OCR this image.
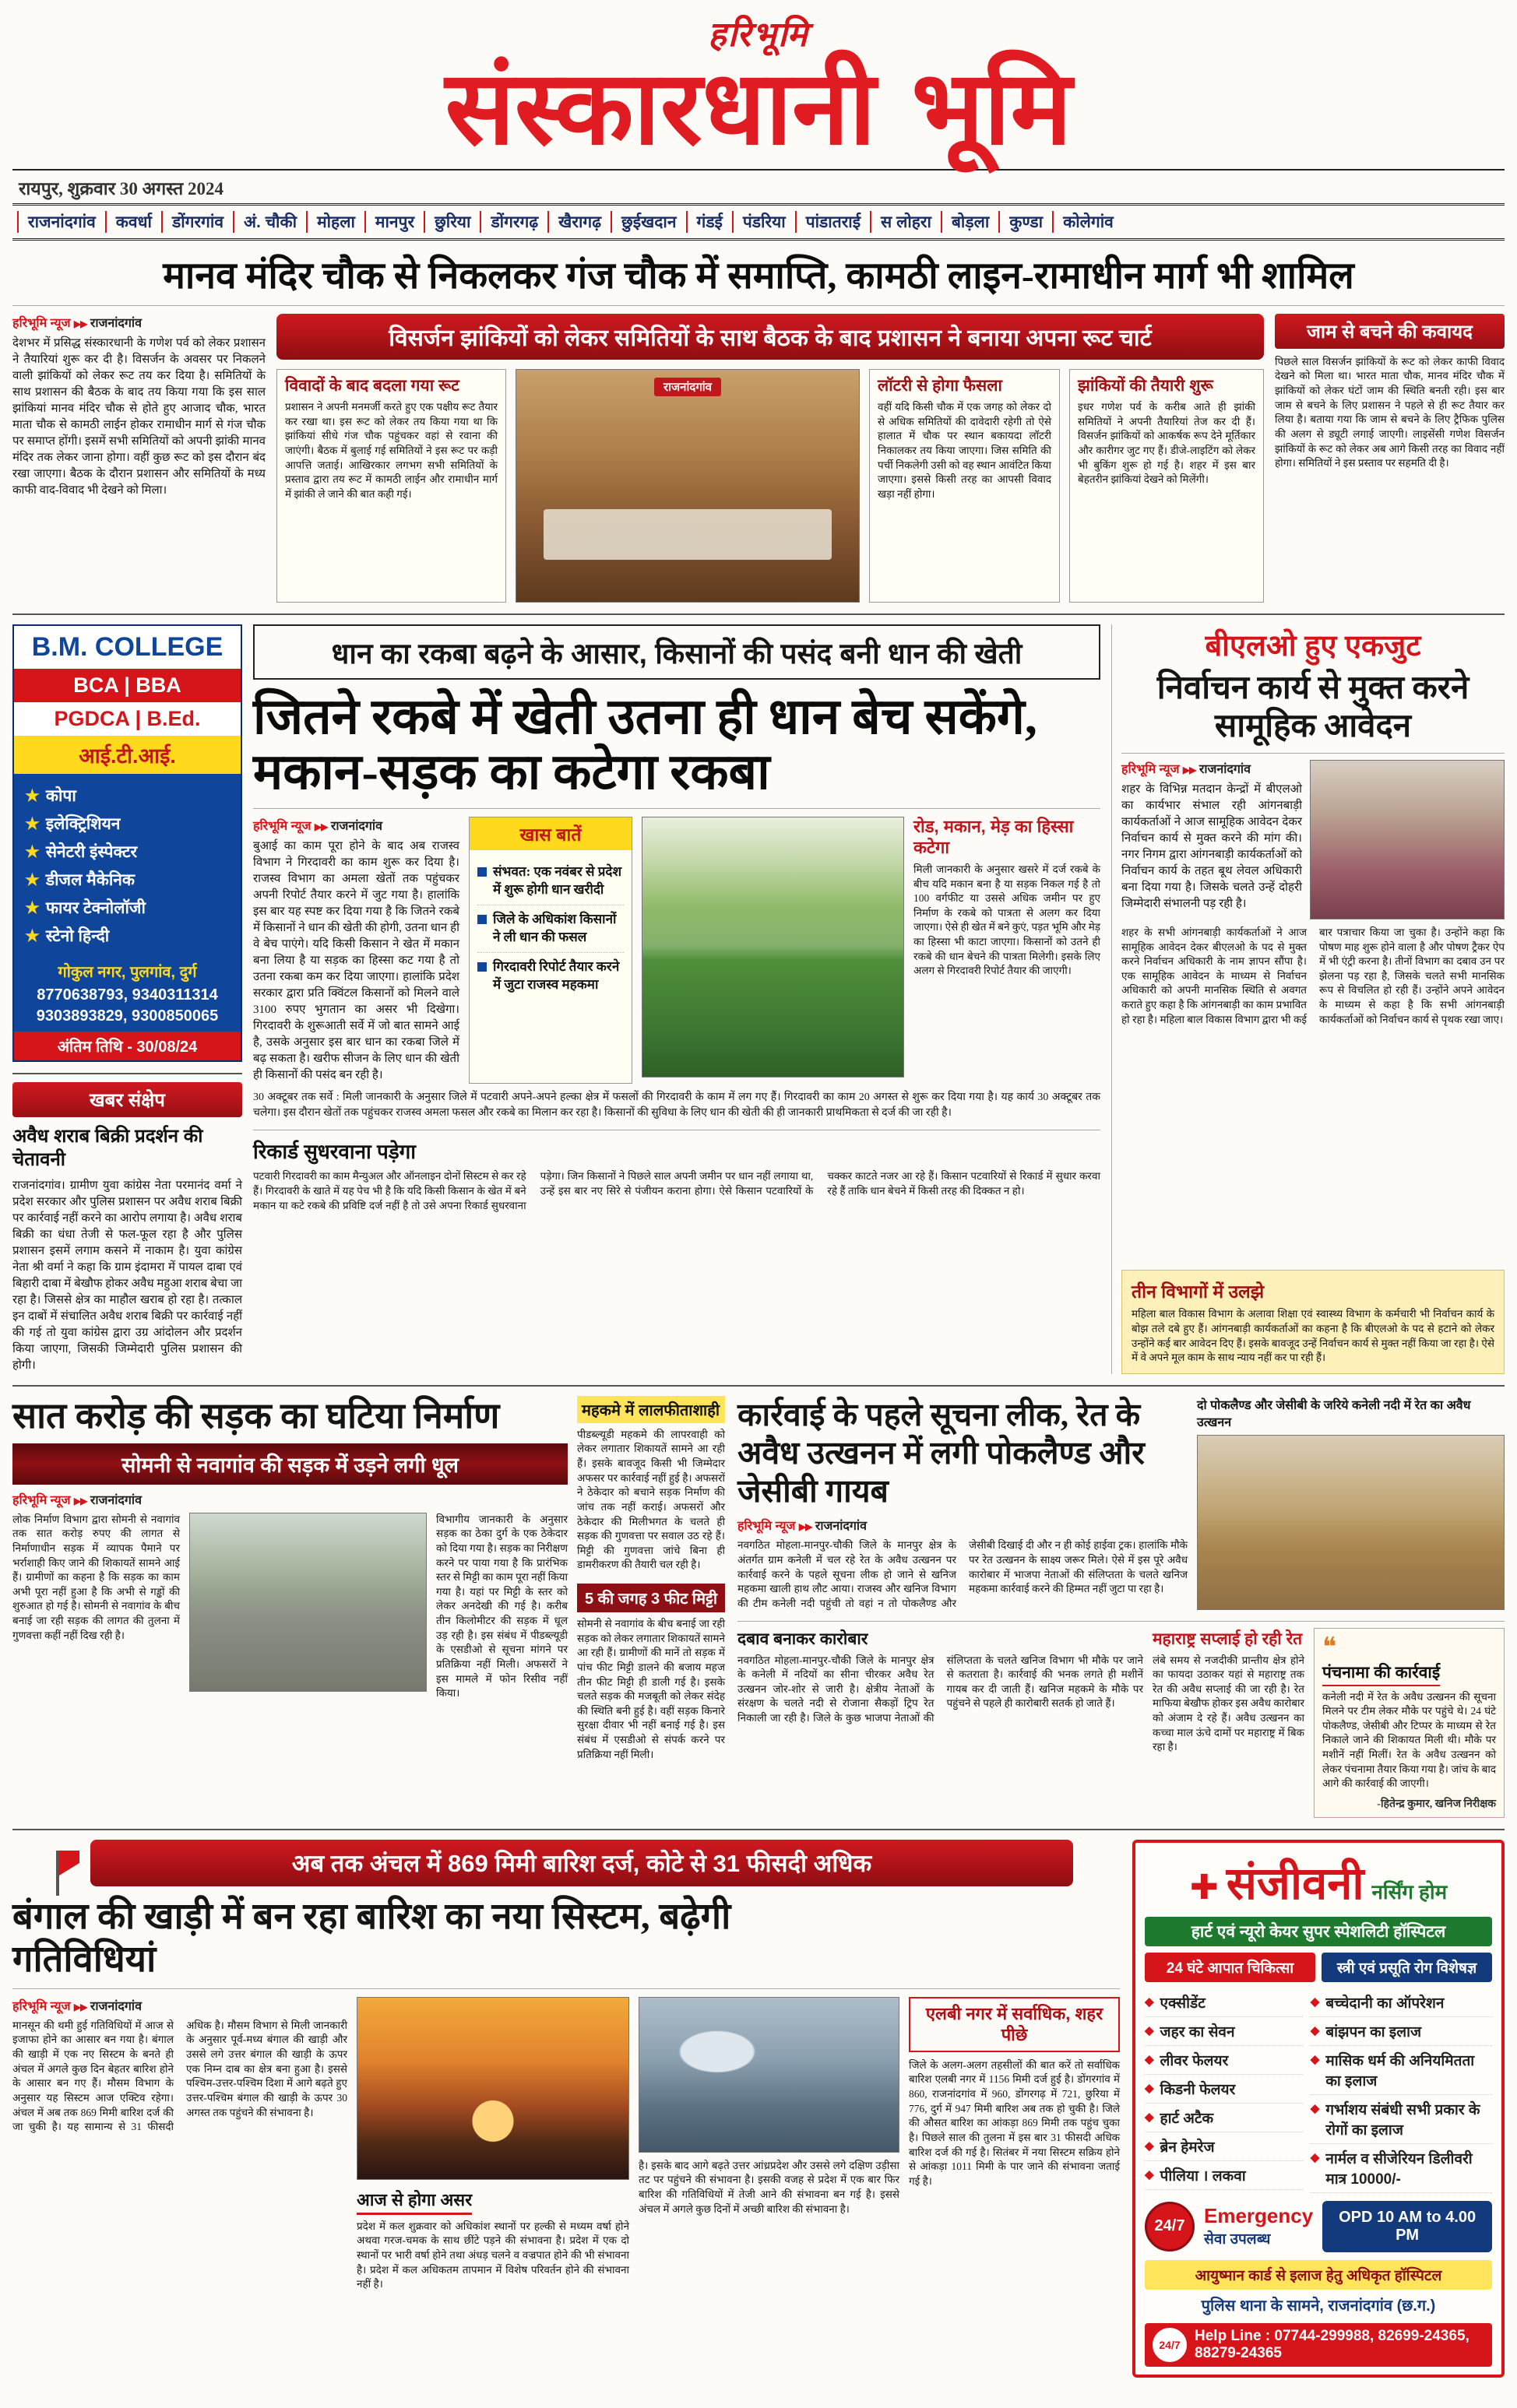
हरिभूमि
संस्कारधानी भूमि
रायपुर, शुक्रवार 30 अगस्त 2024
राजनांदगांव	कवर्धा	डोंगरगांव	अं. चौकी	मोहला	मानपुर	छुरिया	डोंगरगढ़	खैरागढ़	छुईखदान	गंडई	पंडरिया	पांडातराई	स लोहरा	बोड़ला	कुण्डा	कोलेगांव
मानव मंदिर चौक से निकलकर गंज चौक में समाप्ति, कामठी लाइन-रामाधीन मार्ग भी शामिल
हरिभूमि न्यूज ▶▶ राजनांदगांव

देशभर में प्रसिद्ध संस्कारधानी के गणेश पर्व को लेकर प्रशासन ने तैयारियां शुरू कर दी है। विसर्जन के अवसर पर निकलने वाली झांकियों को लेकर रूट तय कर दिया है। समितियों के साथ प्रशासन की बैठक के बाद तय किया गया कि इस साल झांकियां मानव मंदिर चौक से होते हुए आजाद चौक, भारत माता चौक से कामठी लाईन होकर रामाधीन मार्ग से गंज चौक पर समाप्त होंगी। इसमें सभी समितियों को अपनी झांकी मानव मंदिर तक लेकर जाना होगा। वहीं कुछ रूट को इस दौरान बंद रखा जाएगा। बैठक के दौरान प्रशासन और समितियों के मध्य काफी वाद-विवाद भी देखने को मिला।

विसर्जन झांकियों को लेकर समितियों के साथ बैठक के बाद प्रशासन ने बनाया अपना रूट चार्ट
विवादों के बाद बदला गया रूट

प्रशासन ने अपनी मनमर्जी करते हुए एक पक्षीय रूट तैयार कर रखा था। इस रूट को लेकर तय किया गया था कि झांकियां सीधे गंज चौक पहुंचकर वहां से रवाना की जाएंगी। बैठक में बुलाई गई समितियों ने इस रूट पर कड़ी आपत्ति जताई। आखिरकार लगभग सभी समितियों के प्रस्ताव द्वारा तय रूट में कामठी लाईन और रामाधीन मार्ग में झांकी ले जाने की बात कही गई।

राजनांदगांव	लॉटरी से होगा फैसला

वहीं यदि किसी चौक में एक जगह को लेकर दो से अधिक समितियों की दावेदारी रहेगी तो ऐसे हालात में चौक पर स्थान बकायदा लॉटरी निकालकर तय किया जाएगा। जिस समिति की पर्ची निकलेगी उसी को वह स्थान आवंटित किया जाएगा। इससे किसी तरह का आपसी विवाद खड़ा नहीं होगा।

झांकियों की तैयारी शुरू

इधर गणेश पर्व के करीब आते ही झांकी समितियों ने अपनी तैयारियां तेज कर दी हैं। विसर्जन झांकियों को आकर्षक रूप देने मूर्तिकार और कारीगर जुट गए हैं। डीजे-लाइटिंग को लेकर भी बुकिंग शुरू हो गई है। शहर में इस बार बेहतरीन झांकियां देखने को मिलेंगी।

जाम से बचने की कवायद

पिछले साल विसर्जन झांकियों के रूट को लेकर काफी विवाद देखने को मिला था। भारत माता चौक, मानव मंदिर चौक में झांकियों को लेकर घंटों जाम की स्थिति बनती रही। इस बार जाम से बचने के लिए प्रशासन ने पहले से ही रूट तैयार कर लिया है। बताया गया कि जाम से बचने के लिए ट्रैफिक पुलिस की अलग से ड्यूटी लगाई जाएगी। लाइसेंसी गणेश विसर्जन झांकियों के रूट को लेकर अब आगे किसी तरह का विवाद नहीं होगा। समितियों ने इस प्रस्ताव पर सहमति दी है।

B.M. COLLEGE
BCA | BBA
PGDCA | B.Ed.
आई.टी.आई.
★ कोपा
★ इलेक्ट्रिशियन
★ सेनेटरी इंस्पेक्टर
★ डीजल मैकेनिक
★ फायर टेक्नोलॉजी
★ स्टेनो हिन्दी
गोकुल नगर, पुलगांव, दुर्ग
8770638793, 9340311314
9303893829, 9300850065
अंतिम तिथि - 30/08/24
खबर संक्षेप
अवैध शराब बिक्री प्रदर्शन की चेतावनी

राजनांदगांव। ग्रामीण युवा कांग्रेस नेता परमानंद वर्मा ने प्रदेश सरकार और पुलिस प्रशासन पर अवैध शराब बिक्री पर कार्रवाई नहीं करने का आरोप लगाया है। अवैध शराब बिक्री का धंधा तेजी से फल-फूल रहा है और पुलिस प्रशासन इसमें लगाम कसने में नाकाम है। युवा कांग्रेस नेता श्री वर्मा ने कहा कि ग्राम इंदामरा में पायल दाबा एवं बिहारी दाबा में बेखौफ होकर अवैध महुआ शराब बेचा जा रहा है। जिससे क्षेत्र का माहौल खराब हो रहा है। तत्काल इन दाबों में संचालित अवैध शराब बिक्री पर कार्रवाई नहीं की गई तो युवा कांग्रेस द्वारा उग्र आंदोलन और प्रदर्शन किया जाएगा, जिसकी जिम्मेदारी पुलिस प्रशासन की होगी।

धान का रकबा बढ़ने के आसार, किसानों की पसंद बनी धान की खेती
जितने रकबे में खेती उतना ही धान बेच सकेंगे, मकान-सड़क का कटेगा रकबा
हरिभूमि न्यूज ▶▶ राजनांदगांव

बुआई का काम पूरा होने के बाद अब राजस्व विभाग ने गिरदावरी का काम शुरू कर दिया है। राजस्व विभाग का अमला खेतों तक पहुंचकर अपनी रिपोर्ट तैयार करने में जुट गया है। हालांकि इस बार यह स्पष्ट कर दिया गया है कि जितने रकबे में किसानों ने धान की खेती की होगी, उतना धान ही वे बेच पाएंगे। यदि किसी किसान ने खेत में मकान बना लिया है या सड़क का हिस्सा कट गया है तो उतना रकबा कम कर दिया जाएगा। हालांकि प्रदेश सरकार द्वारा प्रति क्विंटल किसानों को मिलने वाले 3100 रुपए भुगतान का असर भी दिखेगा। गिरदावरी के शुरूआती सर्वे में जो बात सामने आई है, उसके अनुसार इस बार धान का रकबा जिले में बढ़ सकता है। खरीफ सीजन के लिए धान की खेती ही किसानों की पसंद बन रही है।

खास बातें
संभवत: एक नवंबर से प्रदेश में शुरू होगी धान खरीदी
जिले के अधिकांश किसानों ने ली धान की फसल
गिरदावरी रिपोर्ट तैयार करने में जुटा राजस्व महकमा
रोड, मकान, मेड़ का हिस्सा कटेगा

मिली जानकारी के अनुसार खसरे में दर्ज रकबे के बीच यदि मकान बना है या सड़क निकल गई है तो 100 वर्गफीट या उससे अधिक जमीन पर हुए निर्माण के रकबे को पात्रता से अलग कर दिया जाएगा। ऐसे ही खेत में बने कुएं, पड़त भूमि और मेड़ का हिस्सा भी काटा जाएगा। किसानों को उतने ही रकबे की धान बेचने की पात्रता मिलेगी। इसके लिए अलग से गिरदावरी रिपोर्ट तैयार की जाएगी।

30 अक्टूबर तक सर्वे : मिली जानकारी के अनुसार जिले में पटवारी अपने-अपने हल्का क्षेत्र में फसलों की गिरदावरी के काम में लग गए हैं। गिरदावरी का काम 20 अगस्त से शुरू कर दिया गया है। यह कार्य 30 अक्टूबर तक चलेगा। इस दौरान खेतों तक पहुंचकर राजस्व अमला फसल और रकबे का मिलान कर रहा है। किसानों की सुविधा के लिए धान की खेती की ही जानकारी प्राथमिकता से दर्ज की जा रही है।

रिकार्ड सुधरवाना पड़ेगा

पटवारी गिरदावरी का काम मैन्युअल और ऑनलाइन दोनों सिस्टम से कर रहे हैं। गिरदावरी के खाते में यह पेच भी है कि यदि किसी किसान के खेत में बने मकान या कटे रकबे की प्रविष्टि दर्ज नहीं है तो उसे अपना रिकार्ड सुधरवाना पड़ेगा। जिन किसानों ने पिछले साल अपनी जमीन पर धान नहीं लगाया था, उन्हें इस बार नए सिरे से पंजीयन कराना होगा। ऐसे किसान पटवारियों के चक्कर काटते नजर आ रहे हैं। किसान पटवारियों से रिकार्ड में सुधार करवा रहे हैं ताकि धान बेचने में किसी तरह की दिक्कत न हो।

बीएलओ हुए एकजुट
निर्वाचन कार्य से मुक्त करने सामूहिक आवेदन
हरिभूमि न्यूज ▶▶ राजनांदगांव

शहर के विभिन्न मतदान केन्द्रों में बीएलओ का कार्यभार संभाल रही आंगनबाड़ी कार्यकर्ताओं ने आज सामूहिक आवेदन देकर निर्वाचन कार्य से मुक्त करने की मांग की। नगर निगम द्वारा आंगनबाड़ी कार्यकर्ताओं को निर्वाचन कार्य के तहत बूथ लेवल अधिकारी बना दिया गया है। जिसके चलते उन्हें दोहरी जिम्मेदारी संभालनी पड़ रही है।

शहर के सभी आंगनबाड़ी कार्यकर्ताओं ने आज सामूहिक आवेदन देकर बीएलओ के पद से मुक्त करने निर्वाचन अधिकारी के नाम ज्ञापन सौंपा है। एक सामूहिक आवेदन के माध्यम से निर्वाचन अधिकारी को अपनी मानसिक स्थिति से अवगत कराते हुए कहा है कि आंगनबाड़ी का काम प्रभावित हो रहा है। महिला बाल विकास विभाग द्वारा भी कई बार पत्राचार किया जा चुका है। उन्होंने कहा कि पोषण माह शुरू होने वाला है और पोषण ट्रैकर ऐप में भी एंट्री करना है। तीनों विभाग का दबाव उन पर झेलना पड़ रहा है, जिसके चलते सभी मानसिक रूप से विचलित हो रही हैं। उन्होंने अपने आवेदन के माध्यम से कहा है कि सभी आंगनबाड़ी कार्यकर्ताओं को निर्वाचन कार्य से पृथक रखा जाए।

तीन विभागों में उलझे

महिला बाल विकास विभाग के अलावा शिक्षा एवं स्वास्थ्य विभाग के कर्मचारी भी निर्वाचन कार्य के बोझ तले दबे हुए हैं। आंगनबाड़ी कार्यकर्ताओं का कहना है कि बीएलओ के पद से हटाने को लेकर उन्होंने कई बार आवेदन दिए हैं। इसके बावजूद उन्हें निर्वाचन कार्य से मुक्त नहीं किया जा रहा है। ऐसे में वे अपने मूल काम के साथ न्याय नहीं कर पा रही हैं।

सात करोड़ की सड़क का घटिया निर्माण
सोमनी से नवागांव की सड़क में उड़ने लगी धूल
हरिभूमि न्यूज ▶▶ राजनांदगांव

लोक निर्माण विभाग द्वारा सोमनी से नवागांव तक सात करोड़ रुपए की लागत से निर्माणाधीन सड़क में व्यापक पैमाने पर भर्राशाही किए जाने की शिकायतें सामने आई हैं। ग्रामीणों का कहना है कि सड़क का काम अभी पूरा नहीं हुआ है कि अभी से गड्ढों की शुरुआत हो गई है। सोमनी से नवागांव के बीच बनाई जा रही सड़क की लागत की तुलना में गुणवत्ता कहीं नहीं दिख रही है।

विभागीय जानकारी के अनुसार सड़क का ठेका दुर्ग के एक ठेकेदार को दिया गया है। सड़क का निरीक्षण करने पर पाया गया है कि प्रारंभिक स्तर से मिट्टी का काम पूरा नहीं किया गया है। यहां पर मिट्टी के स्तर को लेकर अनदेखी की गई है। करीब तीन किलोमीटर की सड़क में धूल उड़ रही है। इस संबंध में पीडब्ल्यूडी के एसडीओ से सूचना मांगने पर प्रतिक्रिया नहीं मिली। अफसरों ने इस मामले में फोन रिसीव नहीं किया।

महकमे में लालफीताशाही

पीडब्ल्यूडी महकमे की लापरवाही को लेकर लगातार शिकायतें सामने आ रही हैं। इसके बावजूद किसी भी जिम्मेदार अफसर पर कार्रवाई नहीं हुई है। अफसरों ने ठेकेदार को बचाने सड़क निर्माण की जांच तक नहीं कराई। अफसरों और ठेकेदार की मिलीभगत के चलते ही सड़क की गुणवत्ता पर सवाल उठ रहे हैं। मिट्टी की गुणवत्ता जांचे बिना ही डामरीकरण की तैयारी चल रही है।

5 की जगह 3 फीट मिट्टी

सोमनी से नवागांव के बीच बनाई जा रही सड़क को लेकर लगातार शिकायतें सामने आ रही हैं। ग्रामीणों की मानें तो सड़क में पांच फीट मिट्टी डालने की बजाय महज तीन फीट मिट्टी ही डाली गई है। इसके चलते सड़क की मजबूती को लेकर संदेह की स्थिति बनी हुई है। वहीं सड़क किनारे सुरक्षा दीवार भी नहीं बनाई गई है। इस संबंध में एसडीओ से संपर्क करने पर प्रतिक्रिया नहीं मिली।

कार्रवाई के पहले सूचना लीक, रेत के अवैध उत्खनन में लगी पोकलैण्ड और जेसीबी गायब
हरिभूमि न्यूज ▶▶ राजनांदगांव

नवगठित मोहला-मानपुर-चौकी जिले के मानपुर क्षेत्र के अंतर्गत ग्राम कनेली में चल रहे रेत के अवैध उत्खनन पर कार्रवाई करने के पहले सूचना लीक हो जाने से खनिज महकमा खाली हाथ लौट आया। राजस्व और खनिज विभाग की टीम कनेली नदी पहुंची तो वहां न तो पोकलैण्ड और जेसीबी दिखाई दी और न ही कोई हाईवा ट्रक। हालांकि मौके पर रेत उत्खनन के साक्ष्य जरूर मिले। ऐसे में इस पूरे अवैध कारोबार में भाजपा नेताओं की संलिप्तता के चलते खनिज महकमा कार्रवाई करने की हिम्मत नहीं जुटा पा रहा है।

दो पोकलैण्ड और जेसीबी के जरिये कनेली नदी में रेत का अवैध उत्खनन

दबाव बनाकर कारोबार

नवगठित मोहला-मानपुर-चौकी जिले के मानपुर क्षेत्र के कनेली में नदियों का सीना चीरकर अवैध रेत उत्खनन जोर-शोर से जारी है। क्षेत्रीय नेताओं के संरक्षण के चलते नदी से रोजाना सैकड़ों ट्रिप रेत निकाली जा रही है। जिले के कुछ भाजपा नेताओं की संलिप्तता के चलते खनिज विभाग भी मौके पर जाने से कतराता है। कार्रवाई की भनक लगते ही मशीनें गायब कर दी जाती हैं। खनिज महकमे के मौके पर पहुंचने से पहले ही कारोबारी सतर्क हो जाते हैं।

महाराष्ट्र सप्लाई हो रही रेत

लंबे समय से नजदीकी प्रान्तीय क्षेत्र होने का फायदा उठाकर यहां से महाराष्ट्र तक रेत की अवैध सप्लाई की जा रही है। रेत माफिया बेखौफ होकर इस अवैध कारोबार को अंजाम दे रहे हैं। अवैध उत्खनन का कच्चा माल ऊंचे दामों पर महाराष्ट्र में बिक रहा है।

❝
पंचनामा की कार्रवाई

कनेली नदी में रेत के अवैध उत्खनन की सूचना मिलने पर टीम लेकर मौके पर पहुंचे थे। 24 घंटे पोकलैण्ड, जेसीबी और टिप्पर के माध्यम से रेत निकाले जाने की शिकायत मिली थी। मौके पर मशीनें नहीं मिलीं। रेत के अवैध उत्खनन को लेकर पंचनामा तैयार किया गया है। जांच के बाद आगे की कार्रवाई की जाएगी।

-हितेन्द्र कुमार, खनिज निरीक्षक
अब तक अंचल में 869 मिमी बारिश दर्ज, कोटे से 31 फीसदी अधिक
बंगाल की खाड़ी में बन रहा बारिश का नया सिस्टम, बढ़ेगी गतिविधियां
हरिभूमि न्यूज ▶▶ राजनांदगांव

मानसून की थमी हुई गतिविधियों में आज से इजाफा होने का आसार बन गया है। बंगाल की खाड़ी में एक नए सिस्टम के बनते ही अंचल में अगले कुछ दिन बेहतर बारिश होने के आसार बन गए हैं। मौसम विभाग के अनुसार यह सिस्टम आज एक्टिव रहेगा। अंचल में अब तक 869 मिमी बारिश दर्ज की जा चुकी है। यह सामान्य से 31 फीसदी अधिक है। मौसम विभाग से मिली जानकारी के अनुसार पूर्व-मध्य बंगाल की खाड़ी और उससे लगे उत्तर बंगाल की खाड़ी के ऊपर एक निम्न दाब का क्षेत्र बना हुआ है। इससे पश्चिम-उत्तर-पश्चिम दिशा में आगे बढ़ते हुए उत्तर-पश्चिम बंगाल की खाड़ी के ऊपर 30 अगस्त तक पहुंचने की संभावना है।

आज से होगा असर

प्रदेश में कल शुक्रवार को अधिकांश स्थानों पर हल्की से मध्यम वर्षा होने अथवा गरज-चमक के साथ छींटे पड़ने की संभावना है। प्रदेश में एक दो स्थानों पर भारी वर्षा होने तथा अंधड़ चलने व वज्रपात होने की भी संभावना है। प्रदेश में कल अधिकतम तापमान में विशेष परिवर्तन होने की संभावना नहीं है।

है। इसके बाद आगे बढ़ते उत्तर आंध्रप्रदेश और उससे लगे दक्षिण उड़ीसा तट पर पहुंचने की संभावना है। इसकी वजह से प्रदेश में एक बार फिर बारिश की गतिविधियों में तेजी आने की संभावना बन गई है। इससे अंचल में अगले कुछ दिनों में अच्छी बारिश की संभावना है।

एलबी नगर में सर्वाधिक, शहर पीछे

जिले के अलग-अलग तहसीलों की बात करें तो सर्वाधिक बारिश एलबी नगर में 1156 मिमी दर्ज हुई है। डोंगरगांव में 860, राजनांदगांव में 960, डोंगरगढ़ में 721, छुरिया में 776, दुर्ग में 947 मिमी बारिश अब तक हो चुकी है। जिले की औसत बारिश का आंकड़ा 869 मिमी तक पहुंच चुका है। पिछले साल की तुलना में इस बार 31 फीसदी अधिक बारिश दर्ज की गई है। सितंबर में नया सिस्टम सक्रिय होने से आंकड़ा 1011 मिमी के पार जाने की संभावना जताई गई है।

✚ संजीवनी नर्सिंग होम
हार्ट एवं न्यूरो केयर सुपर स्पेशलिटी हॉस्पिटल
24 घंटे आपात चिकित्सा	स्त्री एवं प्रसूति रोग विशेषज्ञ
◆ एक्सीडेंट
◆ जहर का सेवन
◆ लीवर फेलयर
◆ किडनी फेलयर
◆ हार्ट अटैक
◆ ब्रेन हेमरेज
◆ पीलिया । लकवा
◆ बच्चेदानी का ऑपरेशन
◆ बांझपन का इलाज
◆ मासिक धर्म की अनियमितता का इलाज
◆ गर्भाशय संबंधी सभी प्रकार के रोगों का इलाज
◆ नार्मल व सीजेरियन डिलीवरी मात्र 10000/-
24/7 Emergency
सेवा उपलब्ध
OPD 10 AM to 4.00 PM
आयुष्मान कार्ड से इलाज हेतु अधिकृत हॉस्पिटल
पुलिस थाना के सामने, राजनांदगांव (छ.ग.)
24/7
Help Line : 07744-299988, 82699-24365, 88279-24365
